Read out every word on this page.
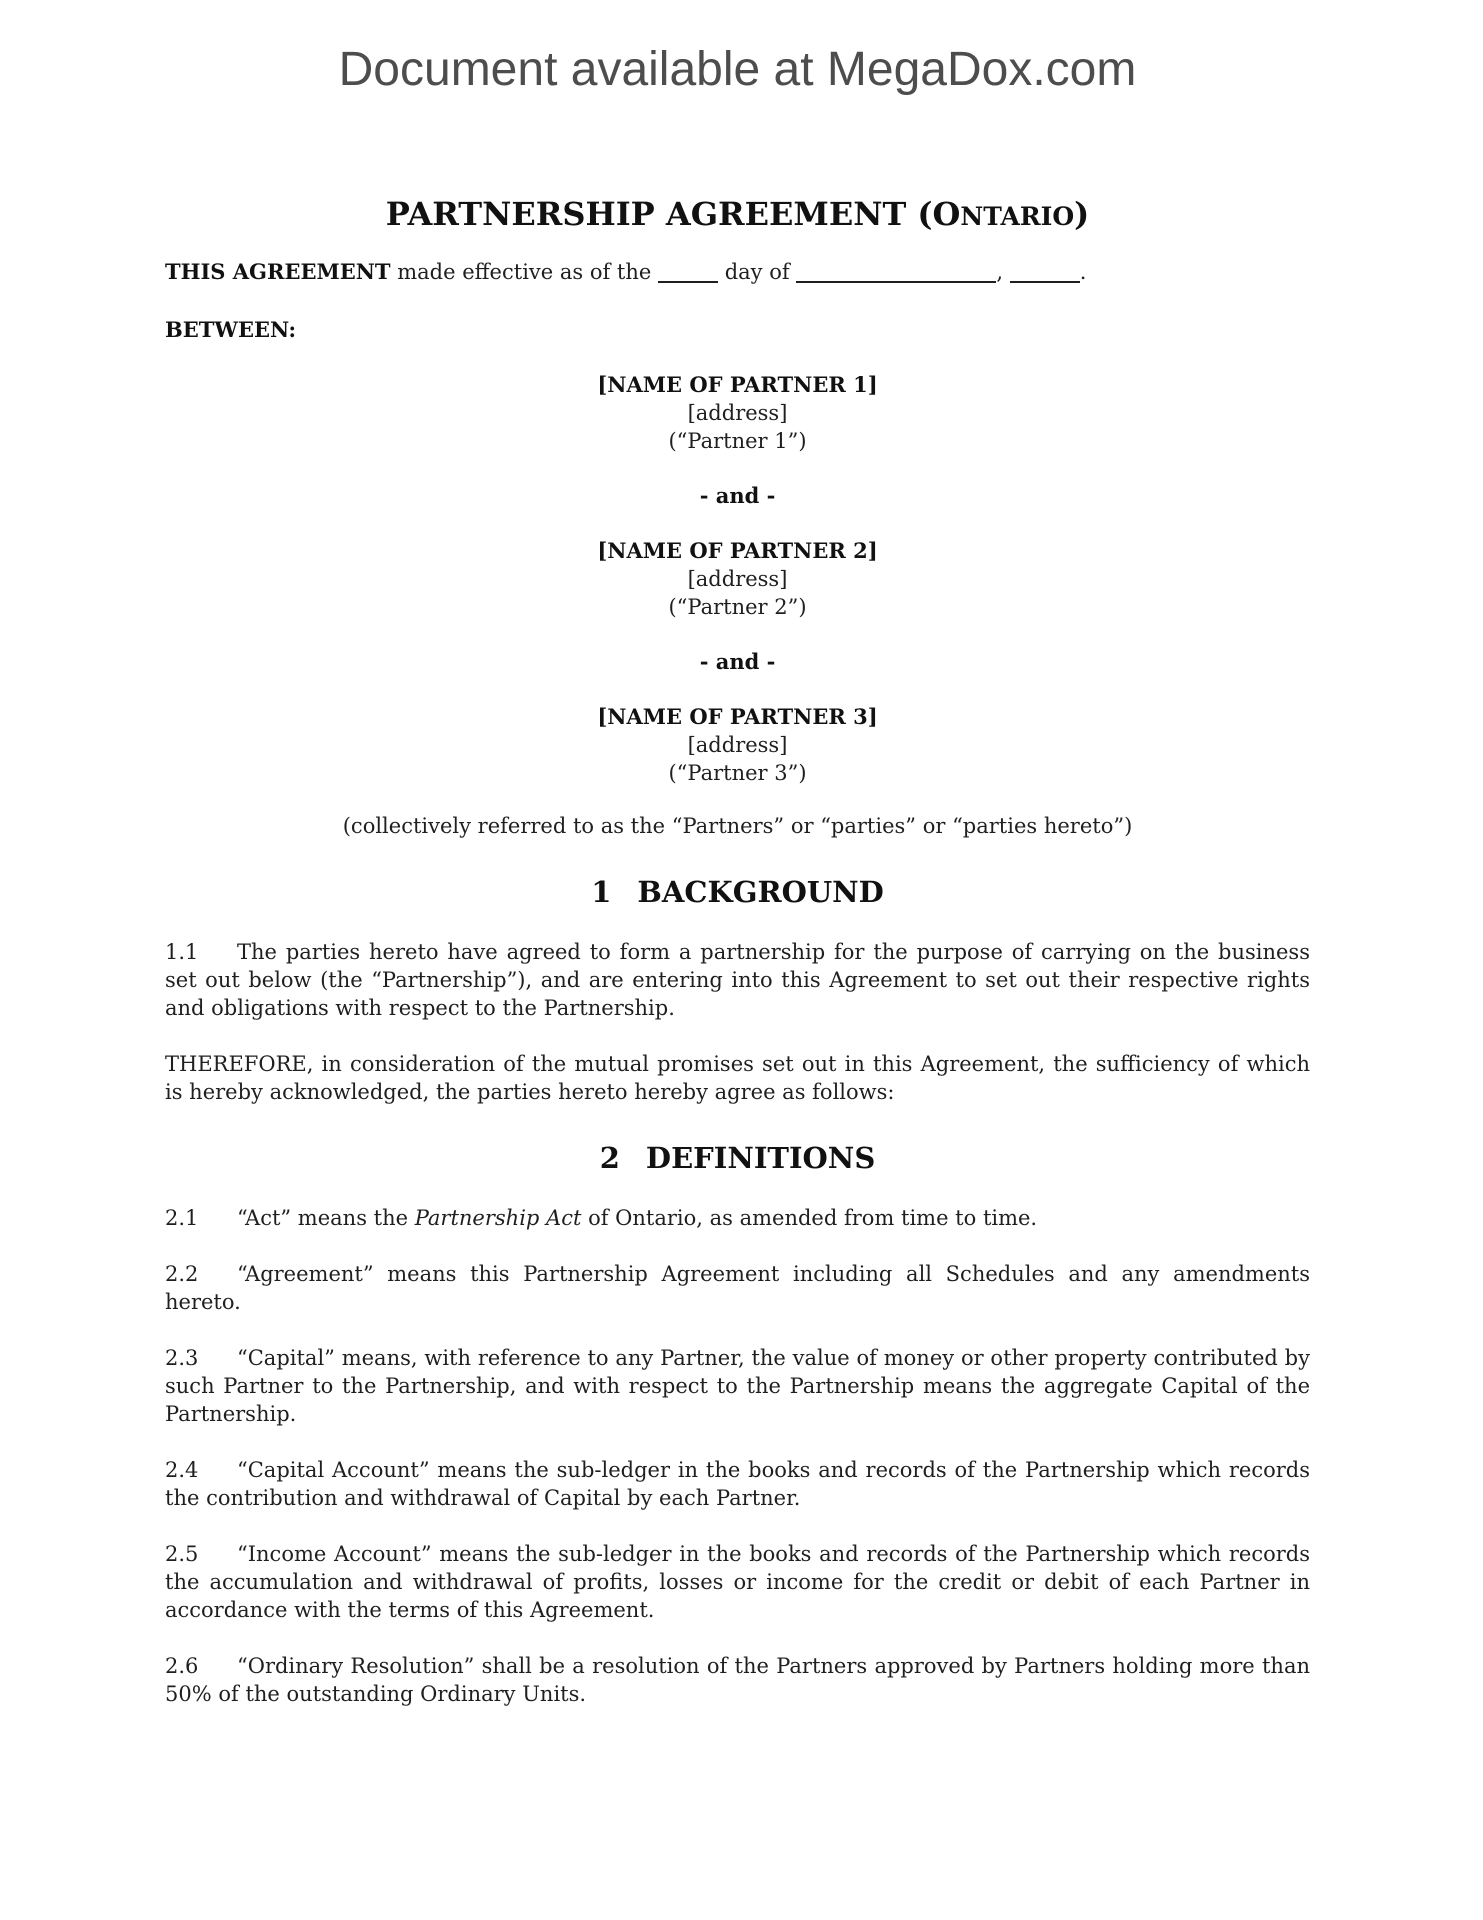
Document available at MegaDox.com
PARTNERSHIP AGREEMENT (ONTARIO)

THIS AGREEMENT made effective as of the	day of	,	.

BETWEEN:

[NAME OF PARTNER 1]
[address]
(“Partner 1”)
- and -
[NAME OF PARTNER 2]
[address]
(“Partner 2”)
- and -
[NAME OF PARTNER 3]
[address]
(“Partner 3”)
(collectively referred to as the “Partners” or “parties” or “parties hereto”)
1 BACKGROUND

1.1 The parties hereto have agreed to form a partnership for the purpose of carrying on the business set out below (the “Partnership”), and are entering into this Agreement to set out their respective rights and obligations with respect to the Partnership.

THEREFORE, in consideration of the mutual promises set out in this Agreement, the sufficiency of which is hereby acknowledged, the parties hereto hereby agree as follows:

2 DEFINITIONS

2.1 “Act” means the Partnership Act of Ontario, as amended from time to time.

2.2 “Agreement” means this Partnership Agreement including all Schedules and any amendments hereto.

2.3 “Capital” means, with reference to any Partner, the value of money or other property contributed by such Partner to the Partnership, and with respect to the Partnership means the aggregate Capital of the Partnership.

2.4 “Capital Account” means the sub-ledger in the books and records of the Partnership which records the contribution and withdrawal of Capital by each Partner.

2.5 “Income Account” means the sub-ledger in the books and records of the Partnership which records the accumulation and withdrawal of profits, losses or income for the credit or debit of each Partner in accordance with the terms of this Agreement.

2.6 “Ordinary Resolution” shall be a resolution of the Partners approved by Partners holding more than 50% of the outstanding Ordinary Units.
